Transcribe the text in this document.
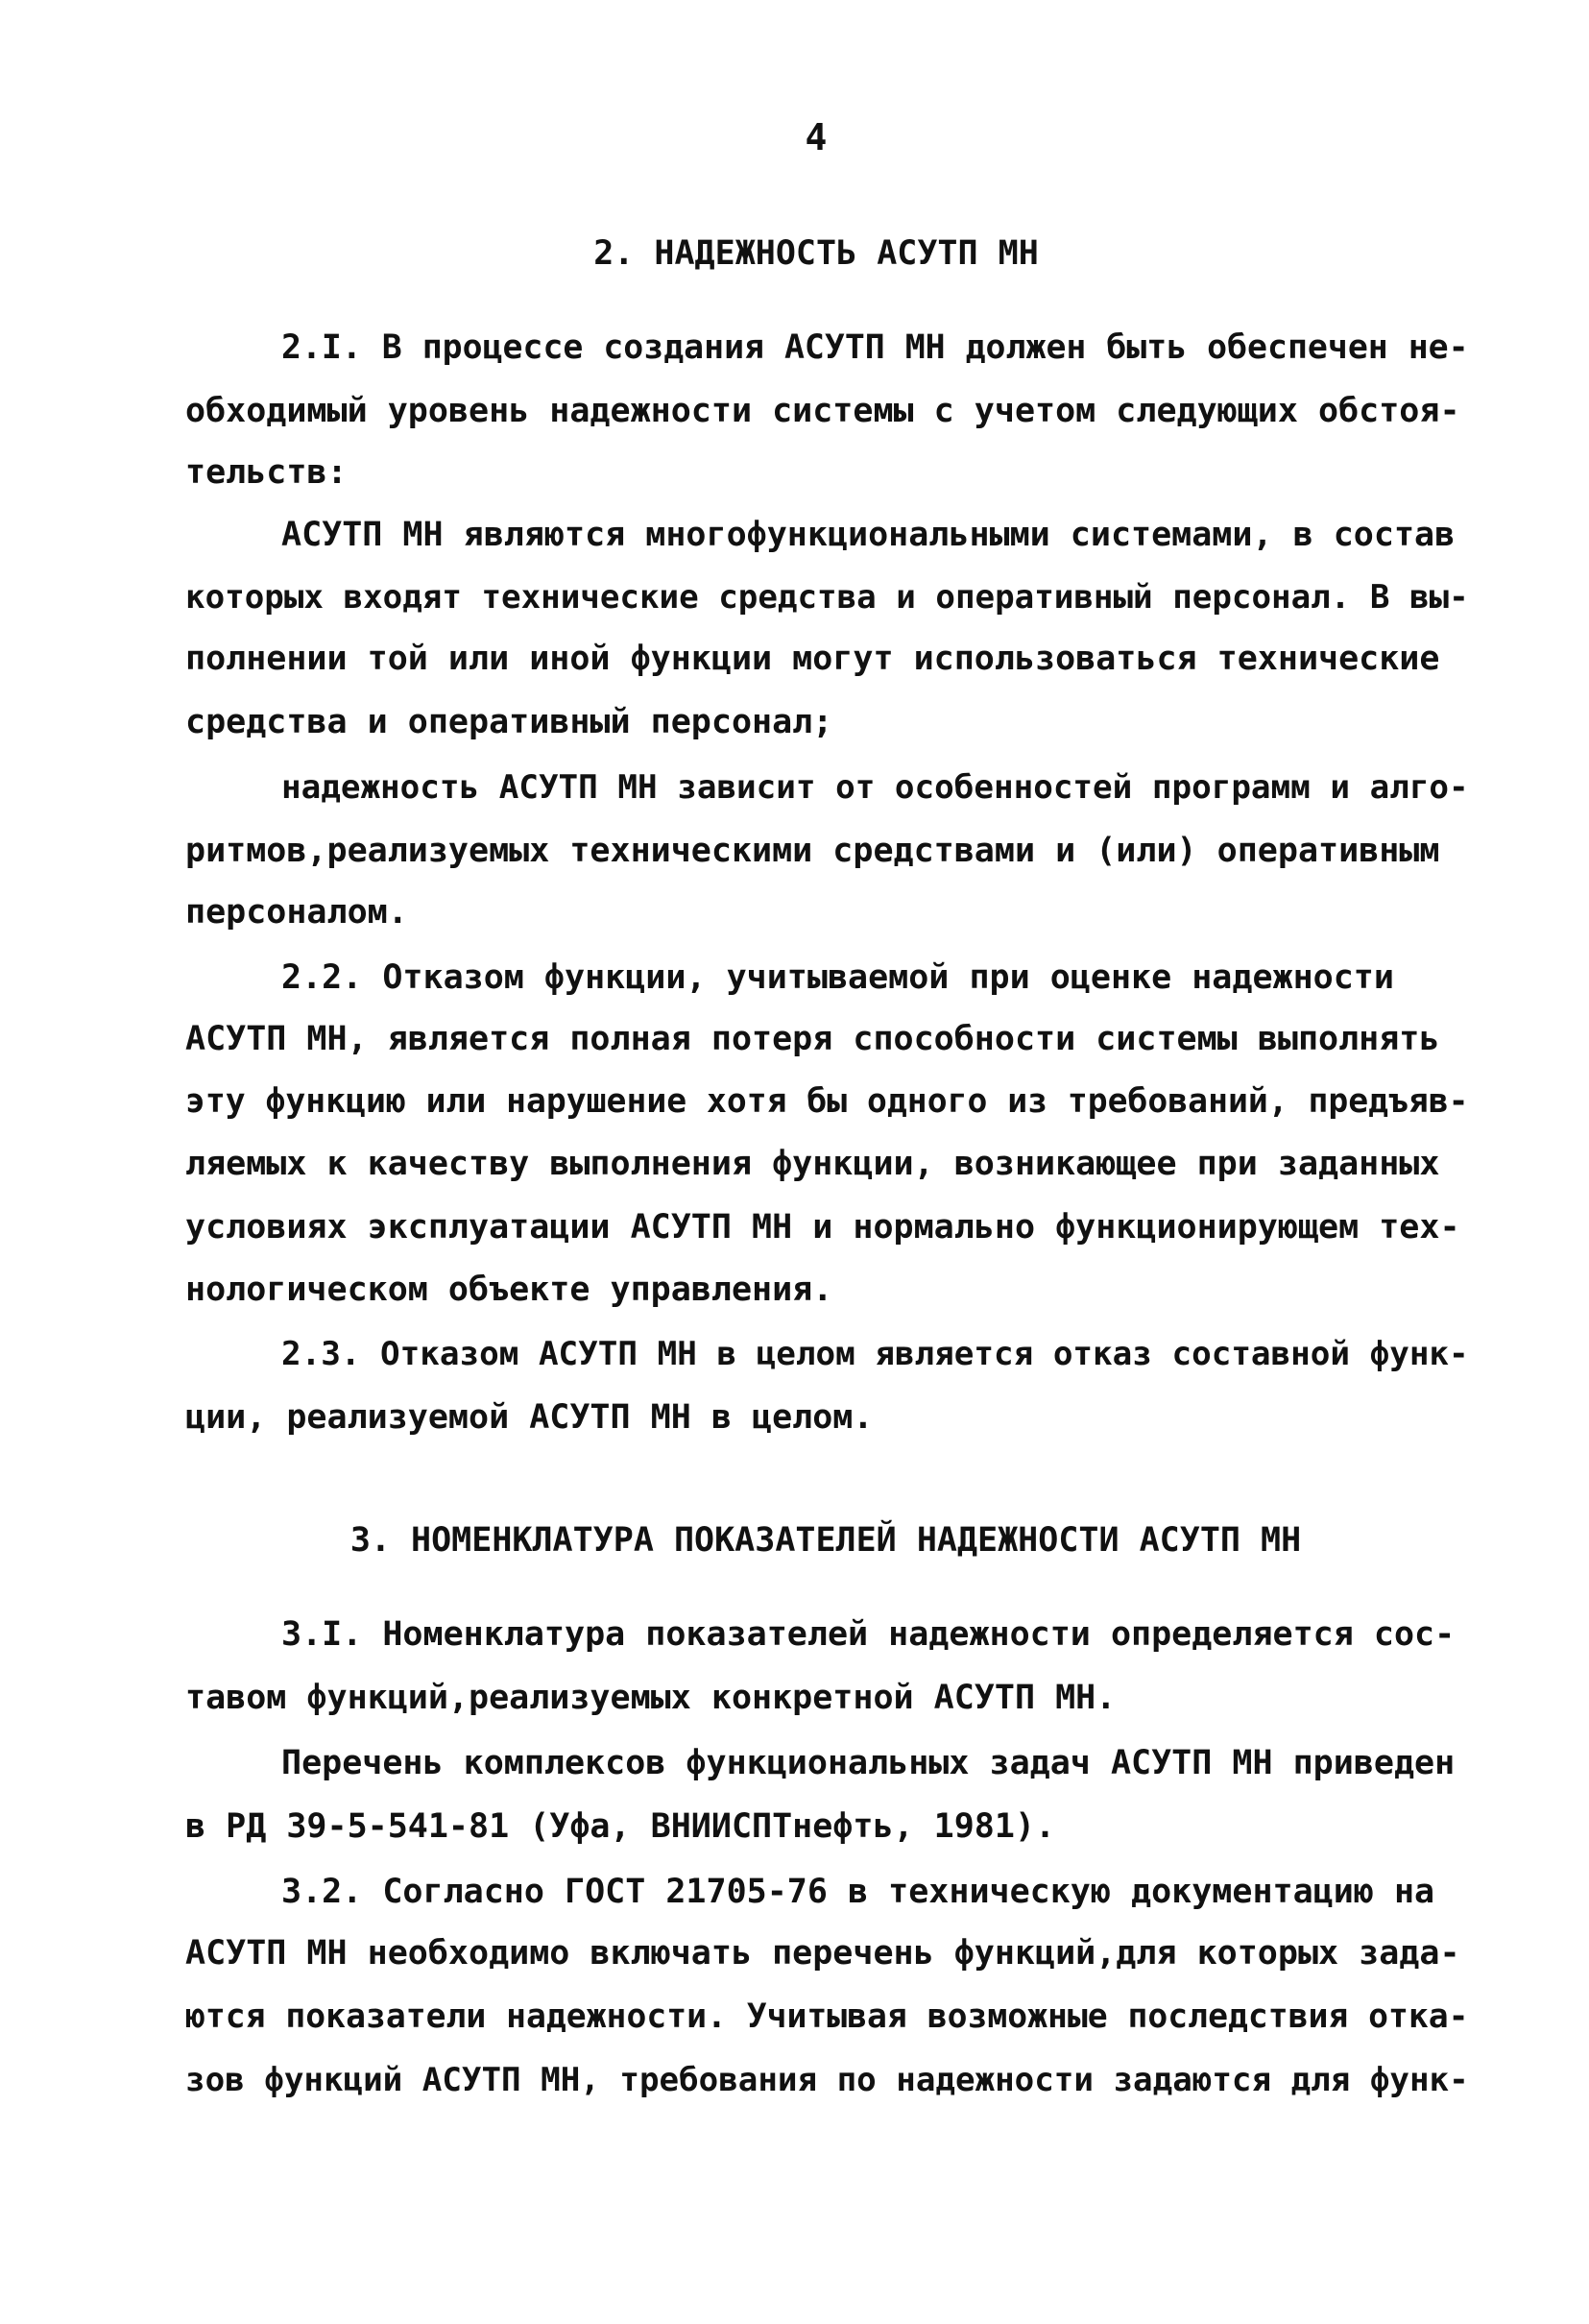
4
2. НАДЕЖНОСТЬ АСУТП МН
2.I. В процессе создания АСУТП МН должен быть обеспечен не-
обходимый уровень надежности системы с учетом следующих обстоя-
тельств:
АСУТП МН являются многофункциональными системами, в состав
которых входят технические средства и оперативный персонал. В вы-
полнении той или иной функции могут использоваться технические
средства и оперативный персонал;
надежность АСУТП МН зависит от особенностей программ и алго-
ритмов,реализуемых техническими средствами и (или) оперативным
персоналом.
2.2. Отказом функции, учитываемой при оценке надежности
АСУТП МН, является полная потеря способности системы выполнять
эту функцию или нарушение хотя бы одного из требований, предъяв-
ляемых к качеству выполнения функции, возникающее при заданных
условиях эксплуатации АСУТП МН и нормально функционирующем тех-
нологическом объекте управления.
2.3. Отказом АСУТП МН в целом является отказ составной функ-
ции, реализуемой АСУТП МН в целом.
3. НОМЕНКЛАТУРА ПОКАЗАТЕЛЕЙ НАДЕЖНОСТИ АСУТП МН
3.I. Номенклатура показателей надежности определяется сос-
тавом функций,реализуемых конкретной АСУТП МН.
Перечень комплексов функциональных задач АСУТП МН приведен
в РД 39-5-541-81 (Уфа, ВНИИСПТнефть, 1981).
3.2. Согласно ГОСТ 21705-76 в техническую документацию на
АСУТП МН необходимо включать перечень функций,для которых зада-
ются показатели надежности. Учитывая возможные последствия отка-
зов функций АСУТП МН, требования по надежности задаются для функ-
